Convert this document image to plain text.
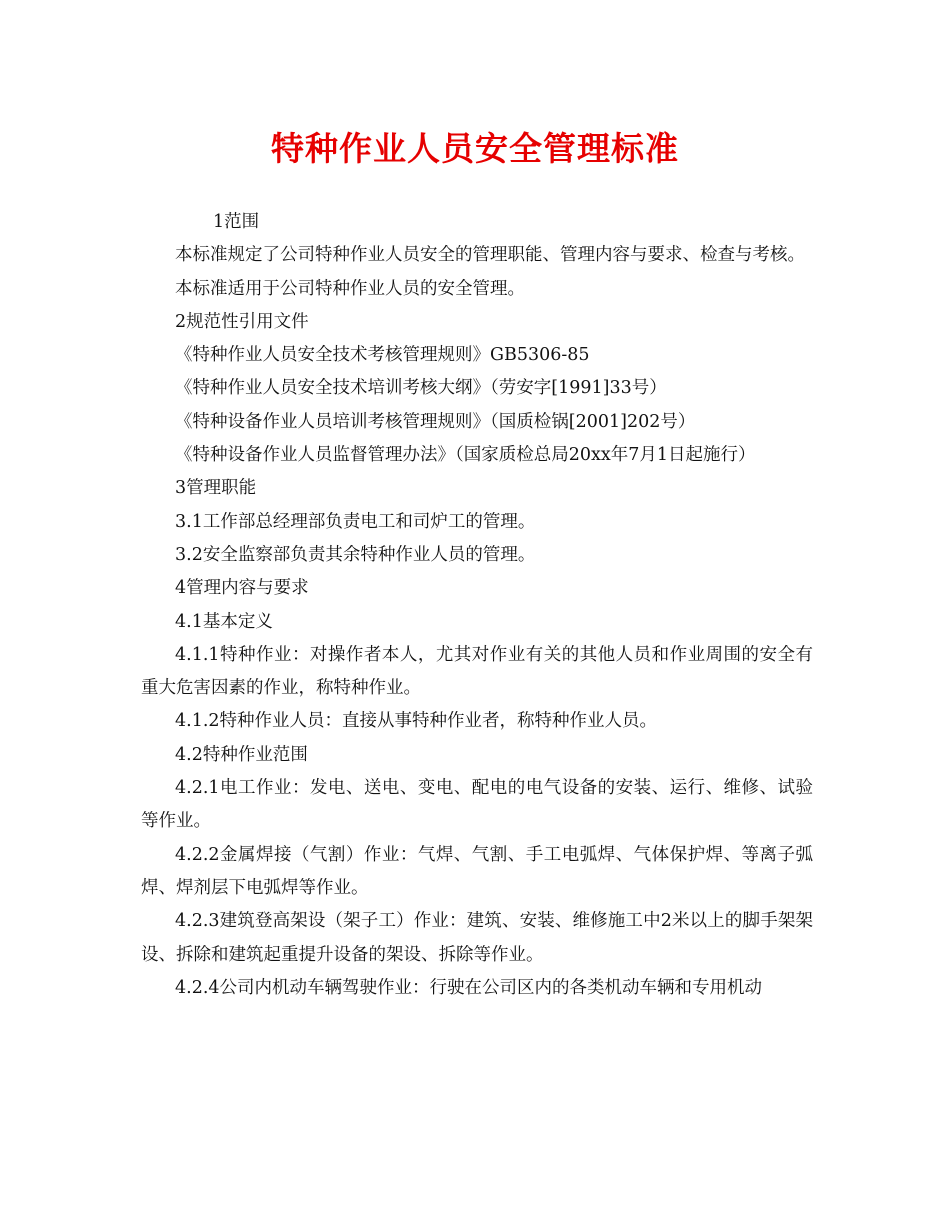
特种作业人员安全管理标准

1范围

本标准规定了公司特种作业人员安全的管理职能、管理内容与要求、检查与考核。

本标准适用于公司特种作业人员的安全管理。

2规范性引用文件

《特种作业人员安全技术考核管理规则》GB5306-85

《特种作业人员安全技术培训考核大纲》（劳安字[1991]33号）

《特种设备作业人员培训考核管理规则》（国质检锅[2001]202号）

《特种设备作业人员监督管理办法》（国家质检总局20xx年7月1日起施行）

3管理职能

3.1工作部总经理部负责电工和司炉工的管理。

3.2安全监察部负责其余特种作业人员的管理。

4管理内容与要求

4.1基本定义

4.1.1特种作业：对操作者本人，尤其对作业有关的其他人员和作业周围的安全有重大危害因素的作业，称特种作业。

4.1.2特种作业人员：直接从事特种作业者，称特种作业人员。

4.2特种作业范围

4.2.1电工作业：发电、送电、变电、配电的电气设备的安装、运行、维修、试验等作业。

4.2.2金属焊接（气割）作业：气焊、气割、手工电弧焊、气体保护焊、等离子弧焊、焊剂层下电弧焊等作业。

4.2.3建筑登高架设（架子工）作业：建筑、安装、维修施工中2米以上的脚手架架设、拆除和建筑起重提升设备的架设、拆除等作业。

4.2.4公司内机动车辆驾驶作业：行驶在公司区内的各类机动车辆和专用机动
